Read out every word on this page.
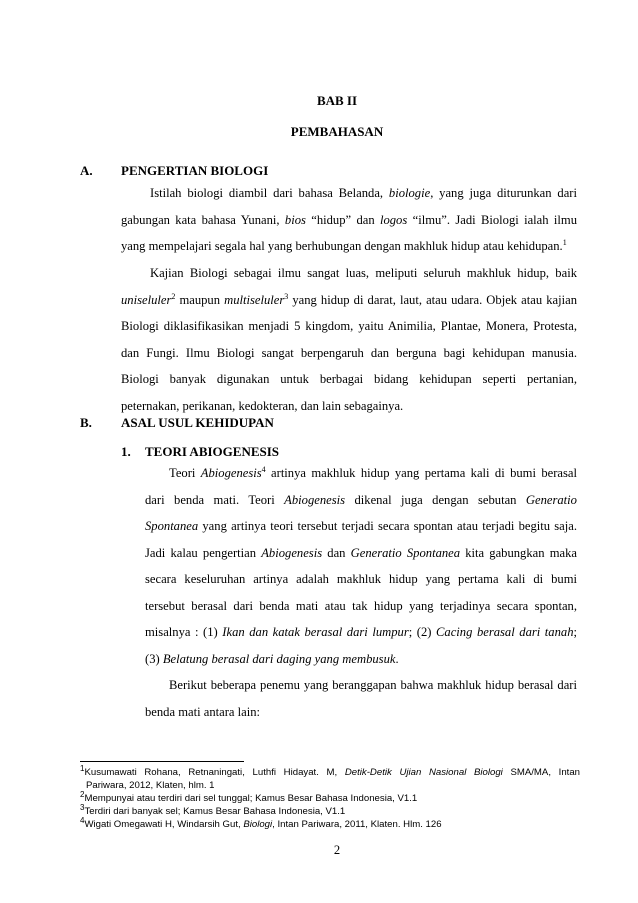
BAB II
PEMBAHASAN
A. PENGERTIAN BIOLOGI
Istilah biologi diambil dari bahasa Belanda, biologie, yang juga diturunkan dari
gabungan kata bahasa Yunani, bios “hidup” dan logos “ilmu”. Jadi Biologi ialah ilmu
yang mempelajari segala hal yang berhubungan dengan makhluk hidup atau kehidupan.$^1$
Kajian Biologi sebagai ilmu sangat luas, meliputi seluruh makhluk hidup, baik
uniseluler$^2$ maupun multiseluler$^3$ yang hidup di darat, laut, atau udara. Objek atau kajian
Biologi diklasifikasikan menjadi 5 kingdom, yaitu Animilia, Plantae, Monera, Protesta,
dan Fungi. Ilmu Biologi sangat berpengaruh dan berguna bagi kehidupan manusia.
Biologi banyak digunakan untuk berbagai bidang kehidupan seperti pertanian,
peternakan, perikanan, kedokteran, dan lain sebagainya.
B. ASAL USUL KEHIDUPAN
1. TEORI ABIOGENESIS
Teori Abiogenesis$^4$ artinya makhluk hidup yang pertama kali di bumi berasal
dari benda mati. Teori Abiogenesis dikenal juga dengan sebutan Generatio
Spontanea yang artinya teori tersebut terjadi secara spontan atau terjadi begitu saja.
Jadi kalau pengertian Abiogenesis dan Generatio Spontanea kita gabungkan maka
secara keseluruhan artinya adalah makhluk hidup yang pertama kali di bumi
tersebut berasal dari benda mati atau tak hidup yang terjadinya secara spontan,
misalnya : (1) Ikan dan katak berasal dari lumpur; (2) Cacing berasal dari tanah;
(3) Belatung berasal dari daging yang membusuk.
Berikut beberapa penemu yang beranggapan bahwa makhluk hidup berasal dari
benda mati antara lain:
$^1$Kusumawati Rohana, Retnaningati, Luthfi Hidayat. M, Detik-Detik Ujian Nasional Biologi SMA/MA, Intan
Pariwara, 2012, Klaten, hlm. 1
$^2$Mempunyai atau terdiri dari sel tunggal; Kamus Besar Bahasa Indonesia, V1.1
$^3$Terdiri dari banyak sel; Kamus Besar Bahasa Indonesia, V1.1
$^4$Wigati Omegawati H, Windarsih Gut, Biologi, Intan Pariwara, 2011, Klaten. Hlm. 126
2
